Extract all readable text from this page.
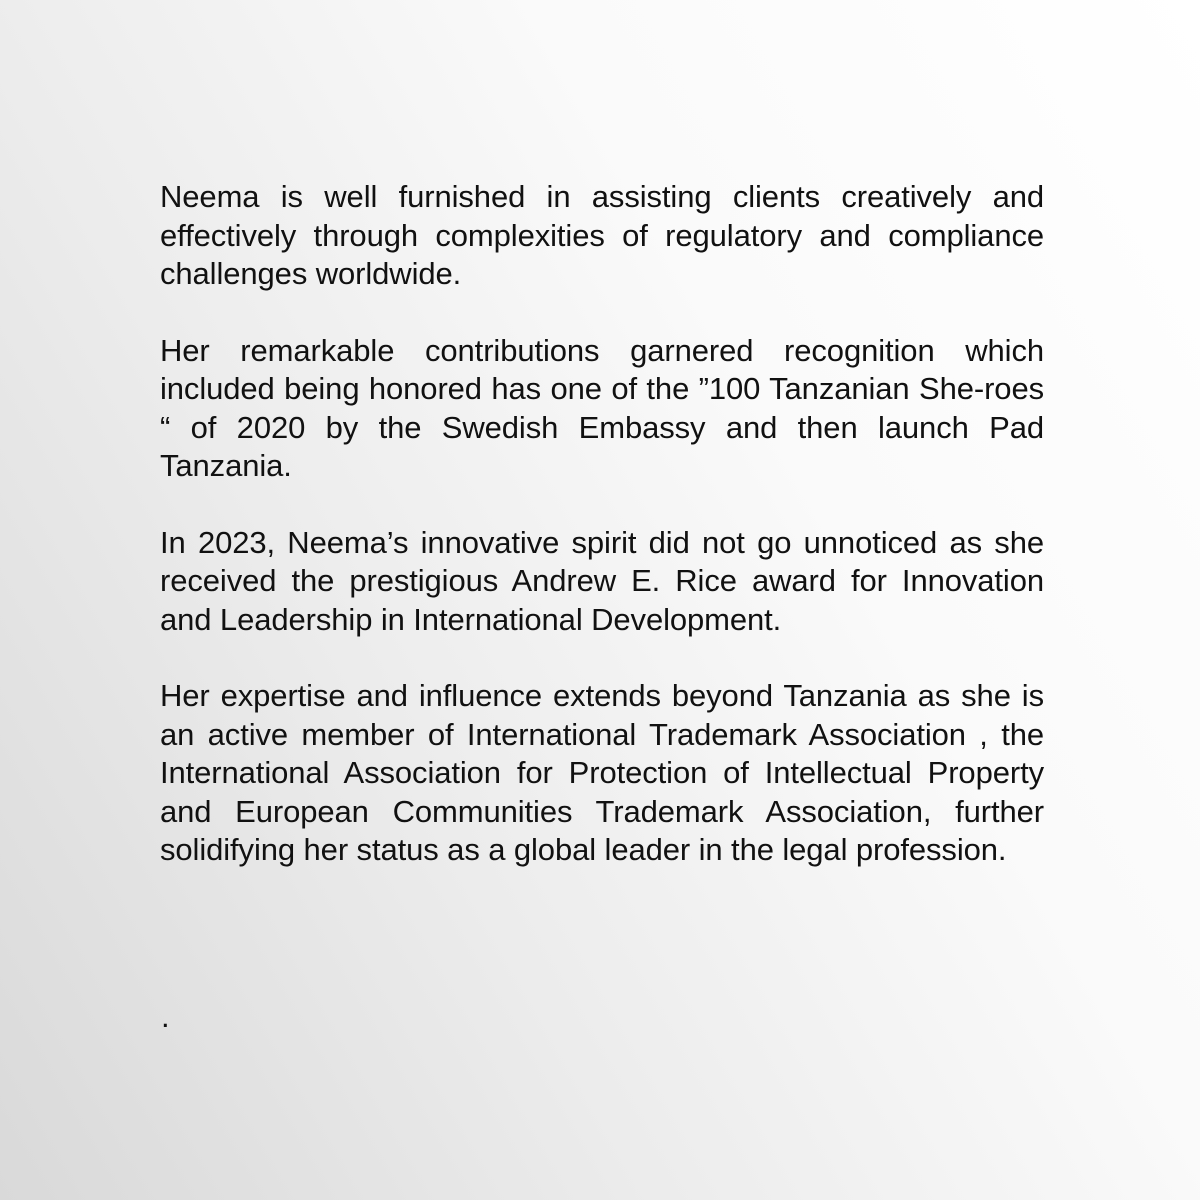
Neema is well furnished in assisting clients creatively and effectively through complexities of regulatory and compliance challenges worldwide.

Her remarkable contributions garnered recognition which included being honored has one of the ”100 Tanzanian She-roes “ of 2020 by the Swedish Embassy and then launch Pad Tanzania.

In 2023, Neema’s innovative spirit did not go unnoticed as she received the prestigious Andrew E. Rice award for Innovation and Leadership in International Development.

Her expertise and influence extends beyond Tanzania as she is an active member of International Trademark Association , the International Association for Protection of Intellectual Property and European Communities Trademark Association, further solidifying her status as a global leader in the legal profession.

.
